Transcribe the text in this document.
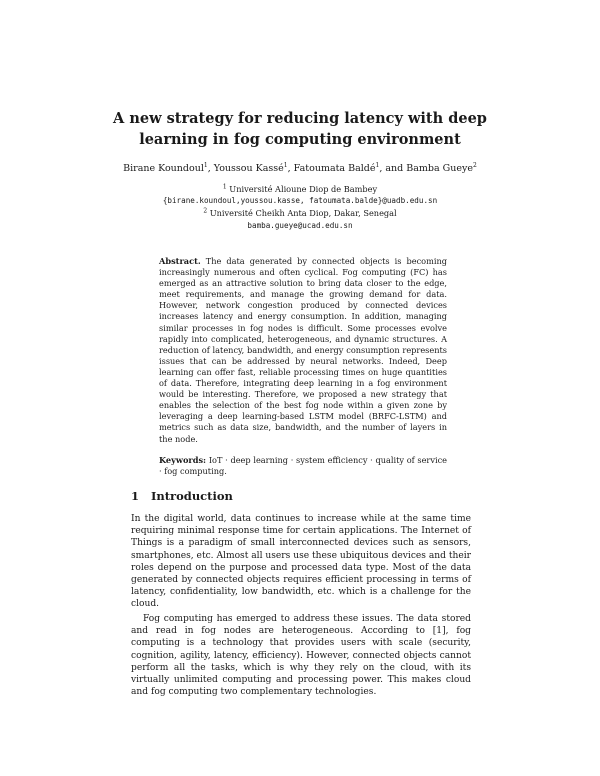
A new strategy for reducing latency with deep
learning in fog computing environment
Birane Koundoul$^1$, Youssou Kassé$^1$, Fatoumata Baldé$^1$, and Bamba Gueye$^2$
$^1$ Université Alioune Diop de Bambey
{birane.koundoul,youssou.kasse, fatoumata.balde}@uadb.edu.sn
$^2$ Université Cheikh Anta Diop, Dakar, Senegal
bamba.gueye@ucad.edu.sn
Abstract. The data generated by connected objects is becoming increasingly numerous and often cyclical. Fog computing (FC) has emerged as an attractive solution to bring data closer to the edge, meet requirements, and manage the growing demand for data. However, network congestion produced by connected devices increases latency and energy consumption. In addition, managing similar processes in fog nodes is difficult. Some processes evolve rapidly into complicated, heterogeneous, and dynamic structures. A reduction of latency, bandwidth, and energy consumption represents issues that can be addressed by neural networks. Indeed, Deep learning can offer fast, reliable processing times on huge quantities of data. Therefore, integrating deep learning in a fog environment would be interesting. Therefore, we proposed a new strategy that enables the selection of the best fog node within a given zone by leveraging a deep learning-based LSTM model (BRFC-LSTM) and metrics such as data size, bandwidth, and the number of layers in the node.
Keywords: IoT · deep learning · system efficiency · quality of service · fog computing.
1 Introduction
In the digital world, data continues to increase while at the same time requiring minimal response time for certain applications. The Internet of Things is a paradigm of small interconnected devices such as sensors, smartphones, etc. Almost all users use these ubiquitous devices and their roles depend on the purpose and processed data type. Most of the data generated by connected objects requires efficient processing in terms of latency, confidentiality, low bandwidth, etc. which is a challenge for the cloud.
Fog computing has emerged to address these issues. The data stored and read in fog nodes are heterogeneous. According to [1], fog computing is a technology that provides users with scale (security, cognition, agility, latency, efficiency). However, connected objects cannot perform all the tasks, which is why they rely on the cloud, with its virtually unlimited computing and processing power. This makes cloud and fog computing two complementary technologies.
